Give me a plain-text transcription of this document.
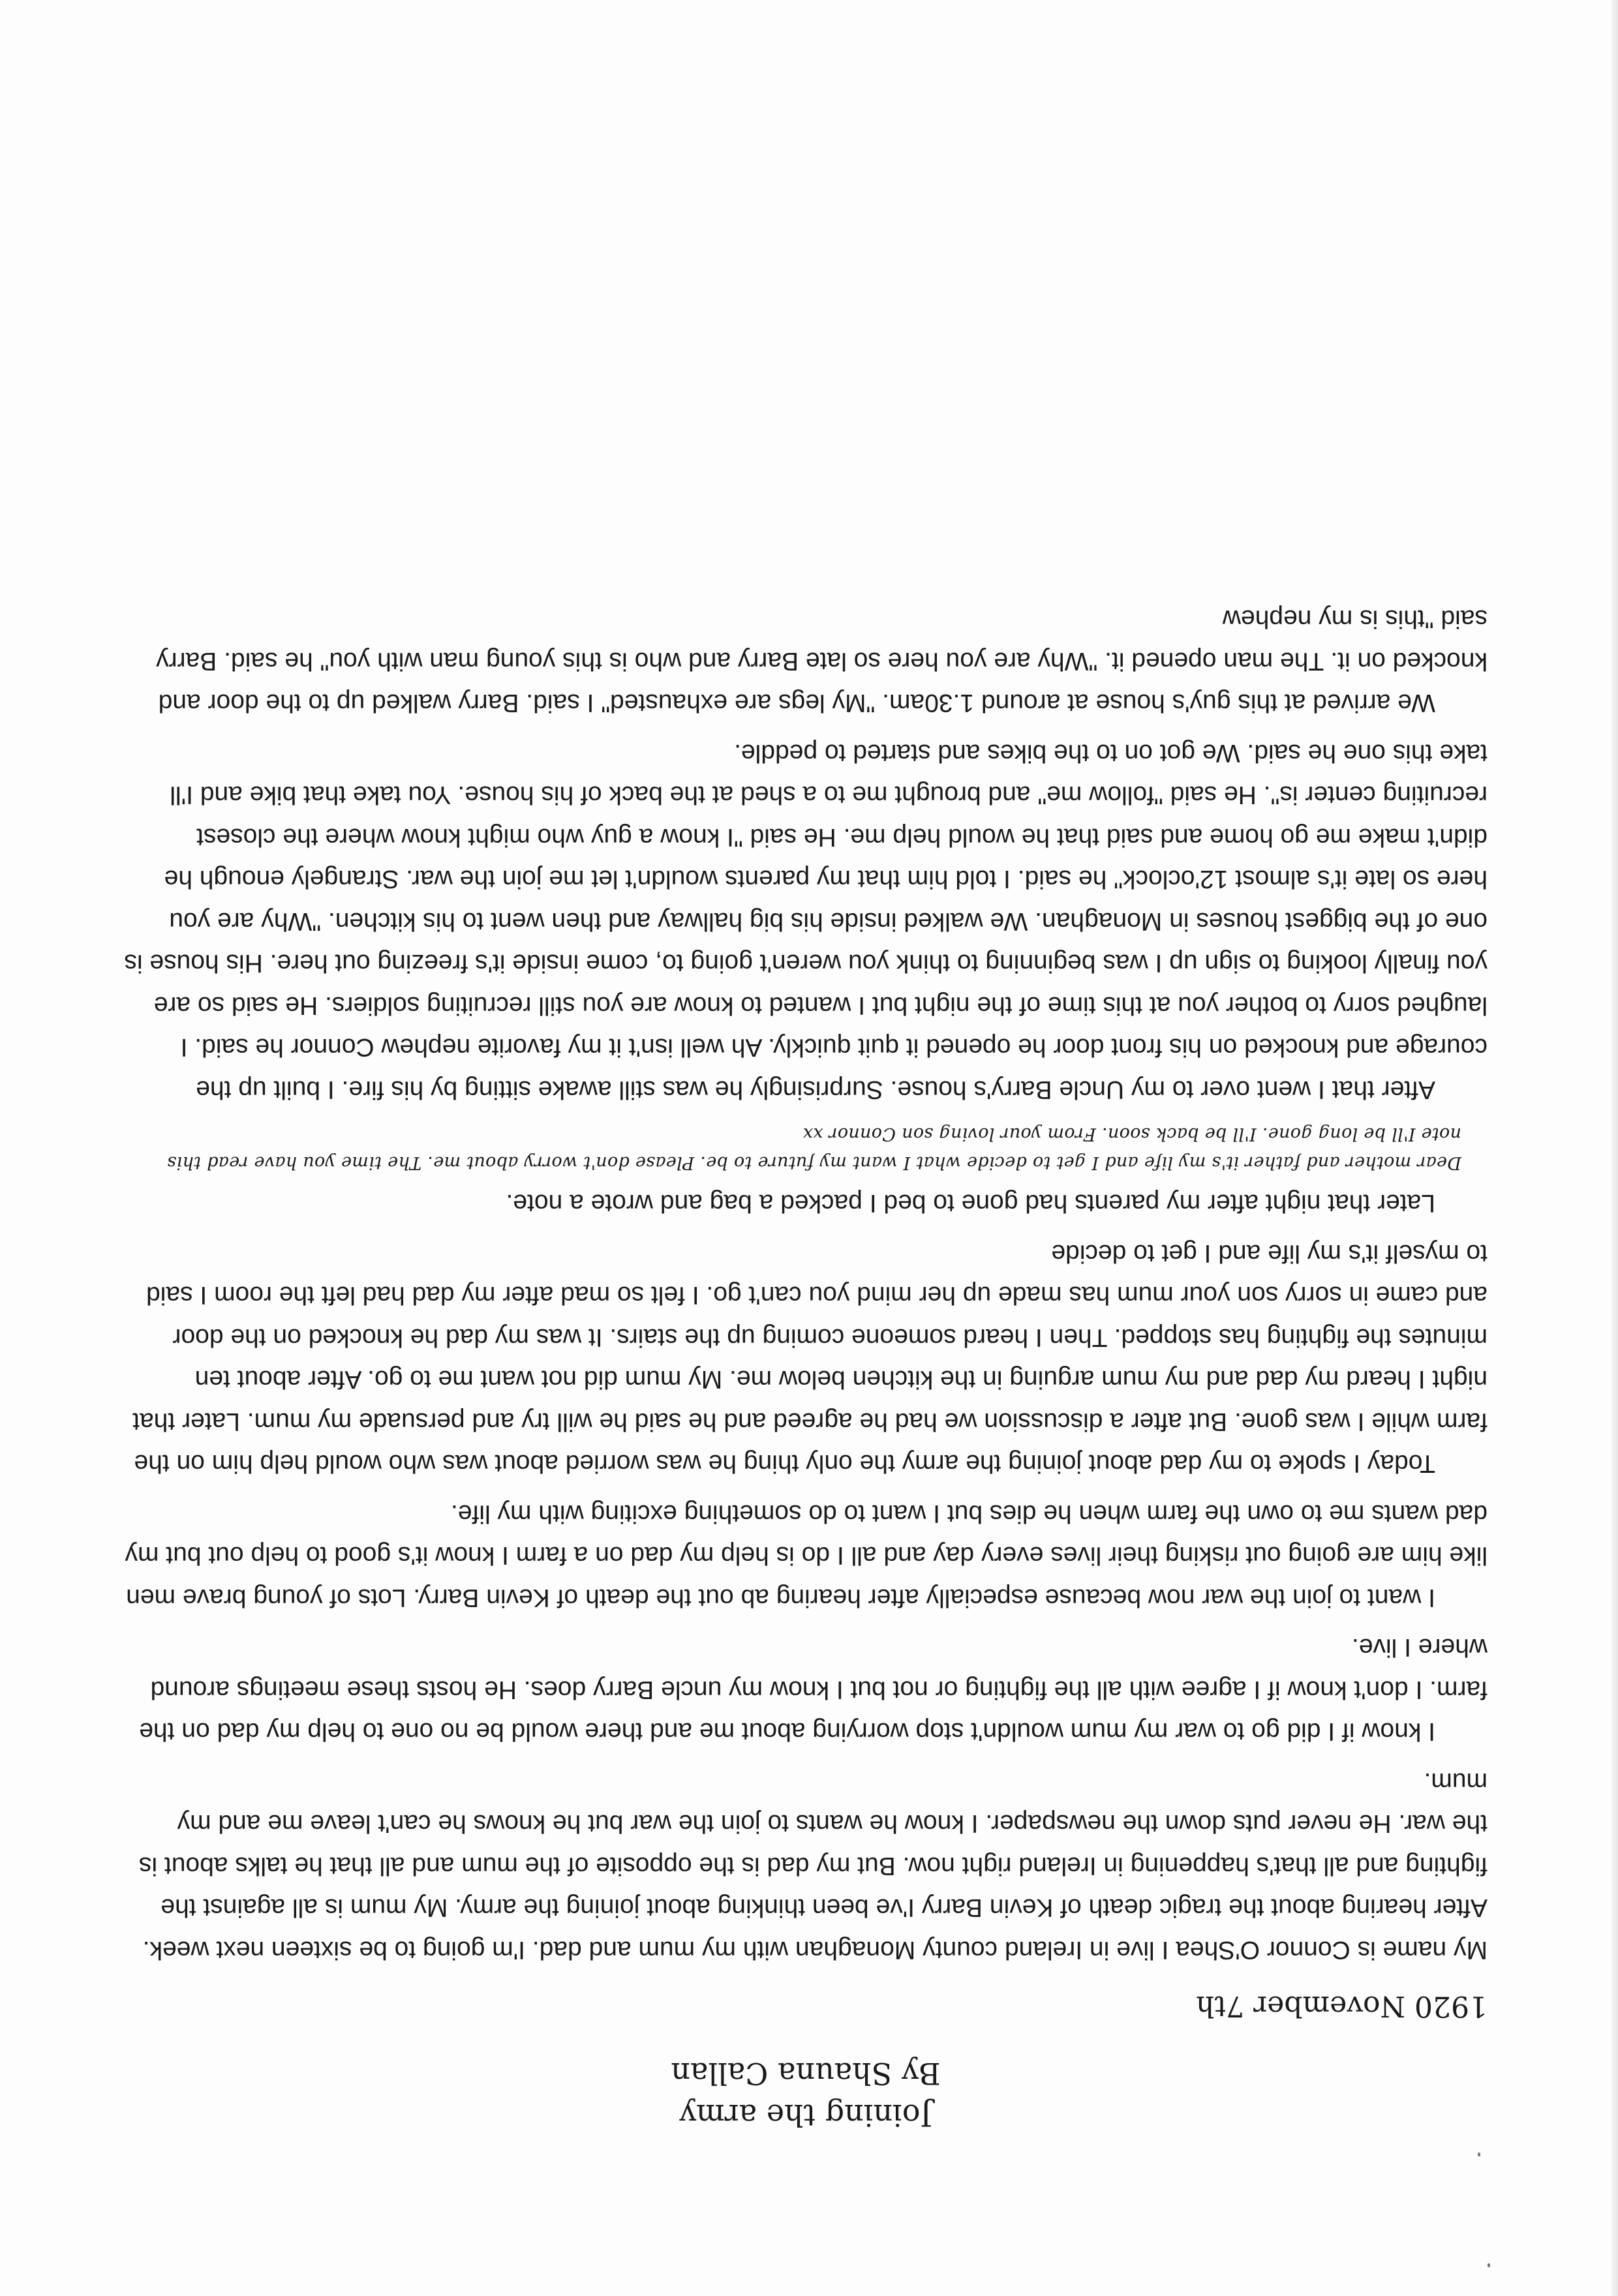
Joining the army
By Shauna Callan
1920 November 7th

My name is Connor O'Shea I live in Ireland county Monaghan with my mum and dad. I'm going to be sixteen next week. After hearing about the tragic death of Kevin Barry I've been thinking about joining the army. My mum is all against the fighting and all that's happening in Ireland right now. But my dad is the opposite of the mum and all that he talks about is the war. He never puts down the newspaper. I know he wants to join the war but he knows he can't leave me and my mum.

I know if I did go to war my mum wouldn't stop worrying about me and there would be no one to help my dad on the farm. I don't know if I agree with all the fighting or not but I know my uncle Barry does. He hosts these meetings around where I live.

I want to join the war now because especially after hearing ab out the death of Kevin Barry. Lots of young brave men like him are going out risking their lives every day and all I do is help my dad on a farm I know it's good to help out but my dad wants me to own the farm when he dies but I want to do something exciting with my life.

Today I spoke to my dad about joining the army the only thing he was worried about was who would help him on the farm while I was gone. But after a discussion we had he agreed and he said he will try and persuade my mum. Later that night I heard my dad and my mum arguing in the kitchen below me. My mum did not want me to go. After about ten minutes the fighting has stopped. Then I heard someone coming up the stairs. It was my dad he knocked on the door and came in sorry son your mum has made up her mind you can't go. I felt so mad after my dad had left the room I said to myself it's my life and I get to decide

Later that night after my parents had gone to bed I packed a bag and wrote a note.

Dear mother and father it's my life and I get to decide what I want my future to be. Please don't worry about me. The time you have read this note I'll be long gone. I'll be back soon. From your loving son Connor xx

After that I went over to my Uncle Barry's house. Surprisingly he was still awake sitting by his fire. I built up the courage and knocked on his front door he opened it quit quickly. Ah well isn't it my favorite nephew Connor he said. I laughed sorry to bother you at this time of the night but I wanted to know are you still recruiting soldiers. He said so are you finally looking to sign up I was beginning to think you weren't going to, come inside it's freezing out here. His house is one of the biggest houses in Monaghan. We walked inside his big hallway and then went to his kitchen. "Why are you here so late it's almost 12'oclock" he said. I told him that my parents wouldn't let me join the war. Strangely enough he didn't make me go home and said that he would help me. He said "I know a guy who might know where the closest recruiting center is". He said "follow me" and brought me to a shed at the back of his house. You take that bike and I'll take this one he said. We got on to the bikes and started to peddle.

We arrived at this guy's house at around 1.30am. "My legs are exhausted" I said. Barry walked up to the door and knocked on it. The man opened it. "Why are you here so late Barry and who is this young man with you" he said. Barry said "this is my nephew
